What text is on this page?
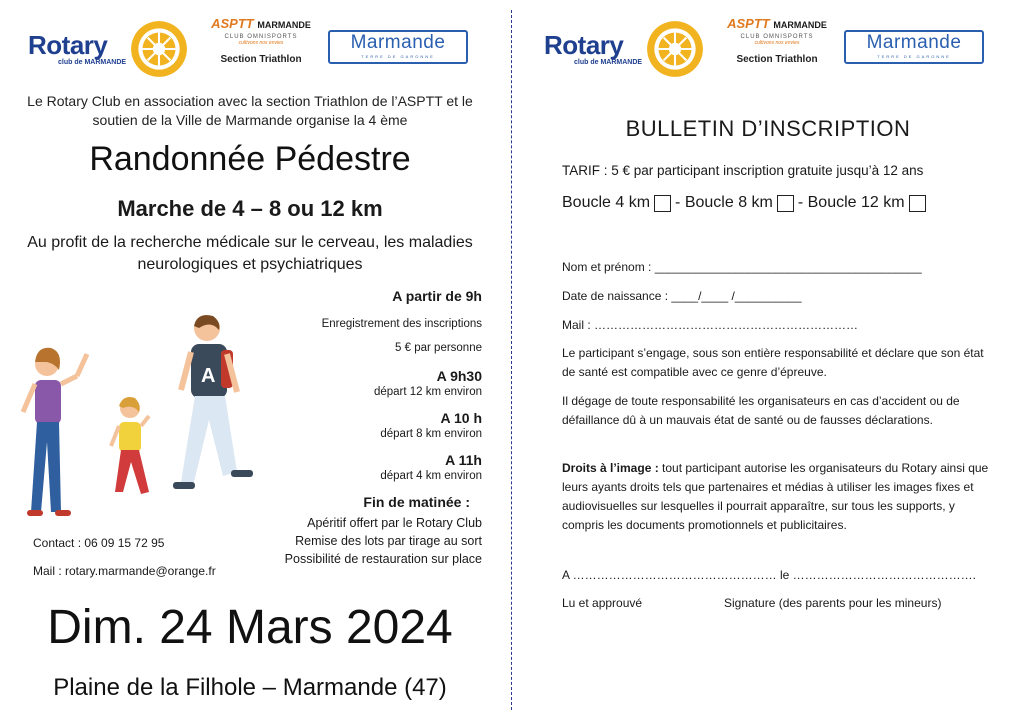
Rotary
club de MARMANDE
ASPTT MARMANDE
CLUB OMNISPORTS
cultivons nos envies
Section Triathlon
Marmande
TERRE DE GARONNE
Le Rotary Club en association avec la section Triathlon de l’ASPTT et le soutien de la Ville de Marmande organise la 4 ème
Randonnée Pédestre
Marche de 4 – 8 ou 12 km
Au profit de la recherche médicale sur le cerveau, les maladies neurologiques et psychiatriques
A
A partir de 9h
Enregistrement des inscriptions
5 € par personne
A 9h30
départ 12 km environ
A 10 h
départ 8 km environ
A 11h
départ 4 km environ
Fin de matinée :
Apéritif offert par le Rotary Club
Remise des lots par tirage au sort
Possibilité de restauration sur place
Contact : 06 09 15 72 95
Mail : rotary.marmande@orange.fr
Dim. 24 Mars 2024
Plaine de la Filhole – Marmande (47)
Rotary
club de MARMANDE
ASPTT MARMANDE
CLUB OMNISPORTS
cultivons nos envies
Section Triathlon
Marmande
TERRE DE GARONNE
BULLETIN D’INSCRIPTION
TARIF : 5 € par participant inscription gratuite jusqu’à 12 ans
Boucle 4 km - Boucle 8 km - Boucle 12 km
Nom et prénom : ________________________________________
Date de naissance : ____/____ /__________
Mail : …………………………………………………………
Le participant s’engage, sous son entière responsabilité et déclare que son état de santé est compatible avec ce genre d’épreuve.
Il dégage de toute responsabilité les organisateurs en cas d’accident ou de défaillance dû à un mauvais état de santé ou de fausses déclarations.
Droits à l’image : tout participant autorise les organisateurs du Rotary ainsi que leurs ayants droits tels que partenaires et médias à utiliser les images fixes et audiovisuelles sur lesquelles il pourrait apparaître, sur tous les supports, y compris les documents promotionnels et publicitaires.
A …………………………………………… le ……………………………………….
Lu et approuvé	Signature (des parents pour les mineurs)
